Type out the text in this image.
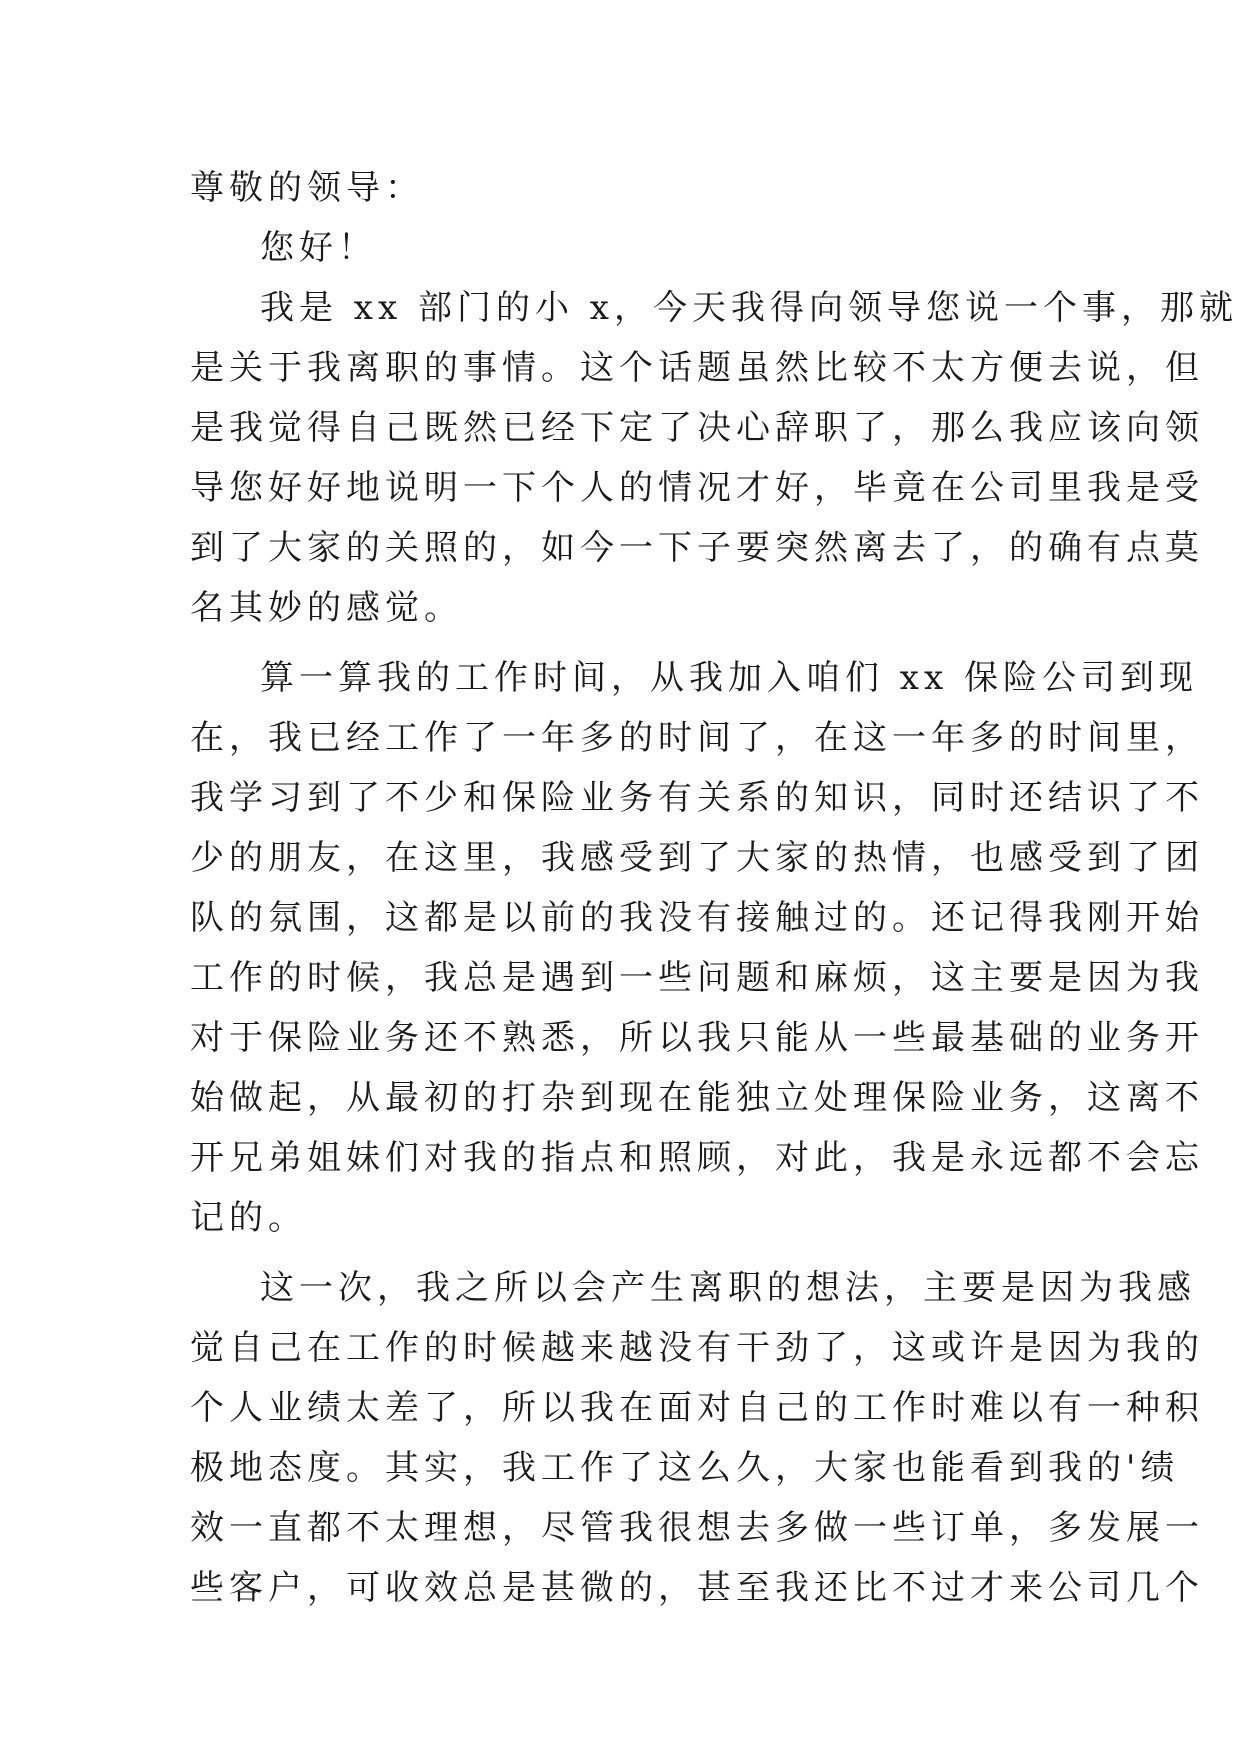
尊敬的领导：
您好！
我是 xx 部门的小 x，今天我得向领导您说一个事，那就
是关于我离职的事情。这个话题虽然比较不太方便去说，但
是我觉得自己既然已经下定了决心辞职了，那么我应该向领
导您好好地说明一下个人的情况才好，毕竟在公司里我是受
到了大家的关照的，如今一下子要突然离去了，的确有点莫
名其妙的感觉。
算一算我的工作时间，从我加入咱们 xx 保险公司到现
在，我已经工作了一年多的时间了，在这一年多的时间里，
我学习到了不少和保险业务有关系的知识，同时还结识了不
少的朋友，在这里，我感受到了大家的热情，也感受到了团
队的氛围，这都是以前的我没有接触过的。还记得我刚开始
工作的时候，我总是遇到一些问题和麻烦，这主要是因为我
对于保险业务还不熟悉，所以我只能从一些最基础的业务开
始做起，从最初的打杂到现在能独立处理保险业务，这离不
开兄弟姐妹们对我的指点和照顾，对此，我是永远都不会忘
记的。
这一次，我之所以会产生离职的想法，主要是因为我感
觉自己在工作的时候越来越没有干劲了，这或许是因为我的
个人业绩太差了，所以我在面对自己的工作时难以有一种积
极地态度。其实，我工作了这么久，大家也能看到我的'绩
效一直都不太理想，尽管我很想去多做一些订单，多发展一
些客户，可收效总是甚微的，甚至我还比不过才来公司几个
